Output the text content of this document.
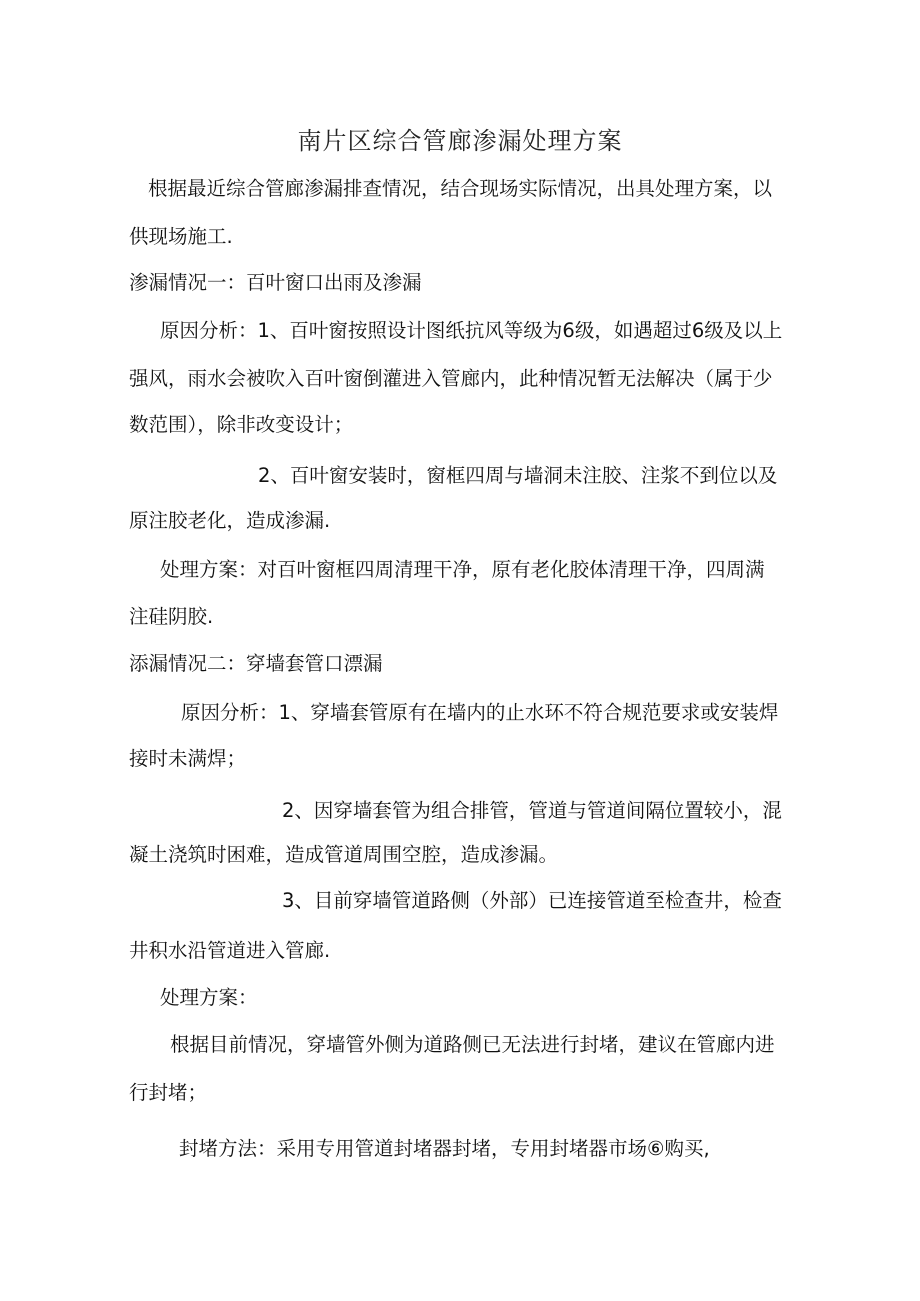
南片区综合管廊渗漏处理方案
根据最近综合管廊渗漏排查情况，结合现场实际情况，出具处理方案，以
供现场施工.
渗漏情况一：百叶窗口出雨及渗漏
原因分析：1、百叶窗按照设计图纸抗风等级为6级，如遇超过6级及以上
强风，雨水会被吹入百叶窗倒灌进入管廊内，此种情况暂无法解决（属于少
数范围），除非改变设计；
2、百叶窗安装时，窗框四周与墙洞未注胶、注浆不到位以及
原注胶老化，造成渗漏.
处理方案：对百叶窗框四周清理干净，原有老化胶体清理干净，四周满
注硅阴胶.
添漏情况二：穿墙套管口漂漏
原因分析：1、穿墙套管原有在墙内的止水环不符合规范要求或安装焊
接时未满焊；
2、因穿墙套管为组合排管，管道与管道间隔位置较小，混
凝土浇筑时困难，造成管道周围空腔，造成渗漏。
3、目前穿墙管道路侧（外部）已连接管道至检查井，检查
井积水沿管道进入管廊.
处理方案：
根据目前情况，穿墙管外侧为道路侧已无法进行封堵，建议在管廊内进
行封堵；
封堵方法：采用专用管道封堵器封堵，专用封堵器市场⑥购买,
